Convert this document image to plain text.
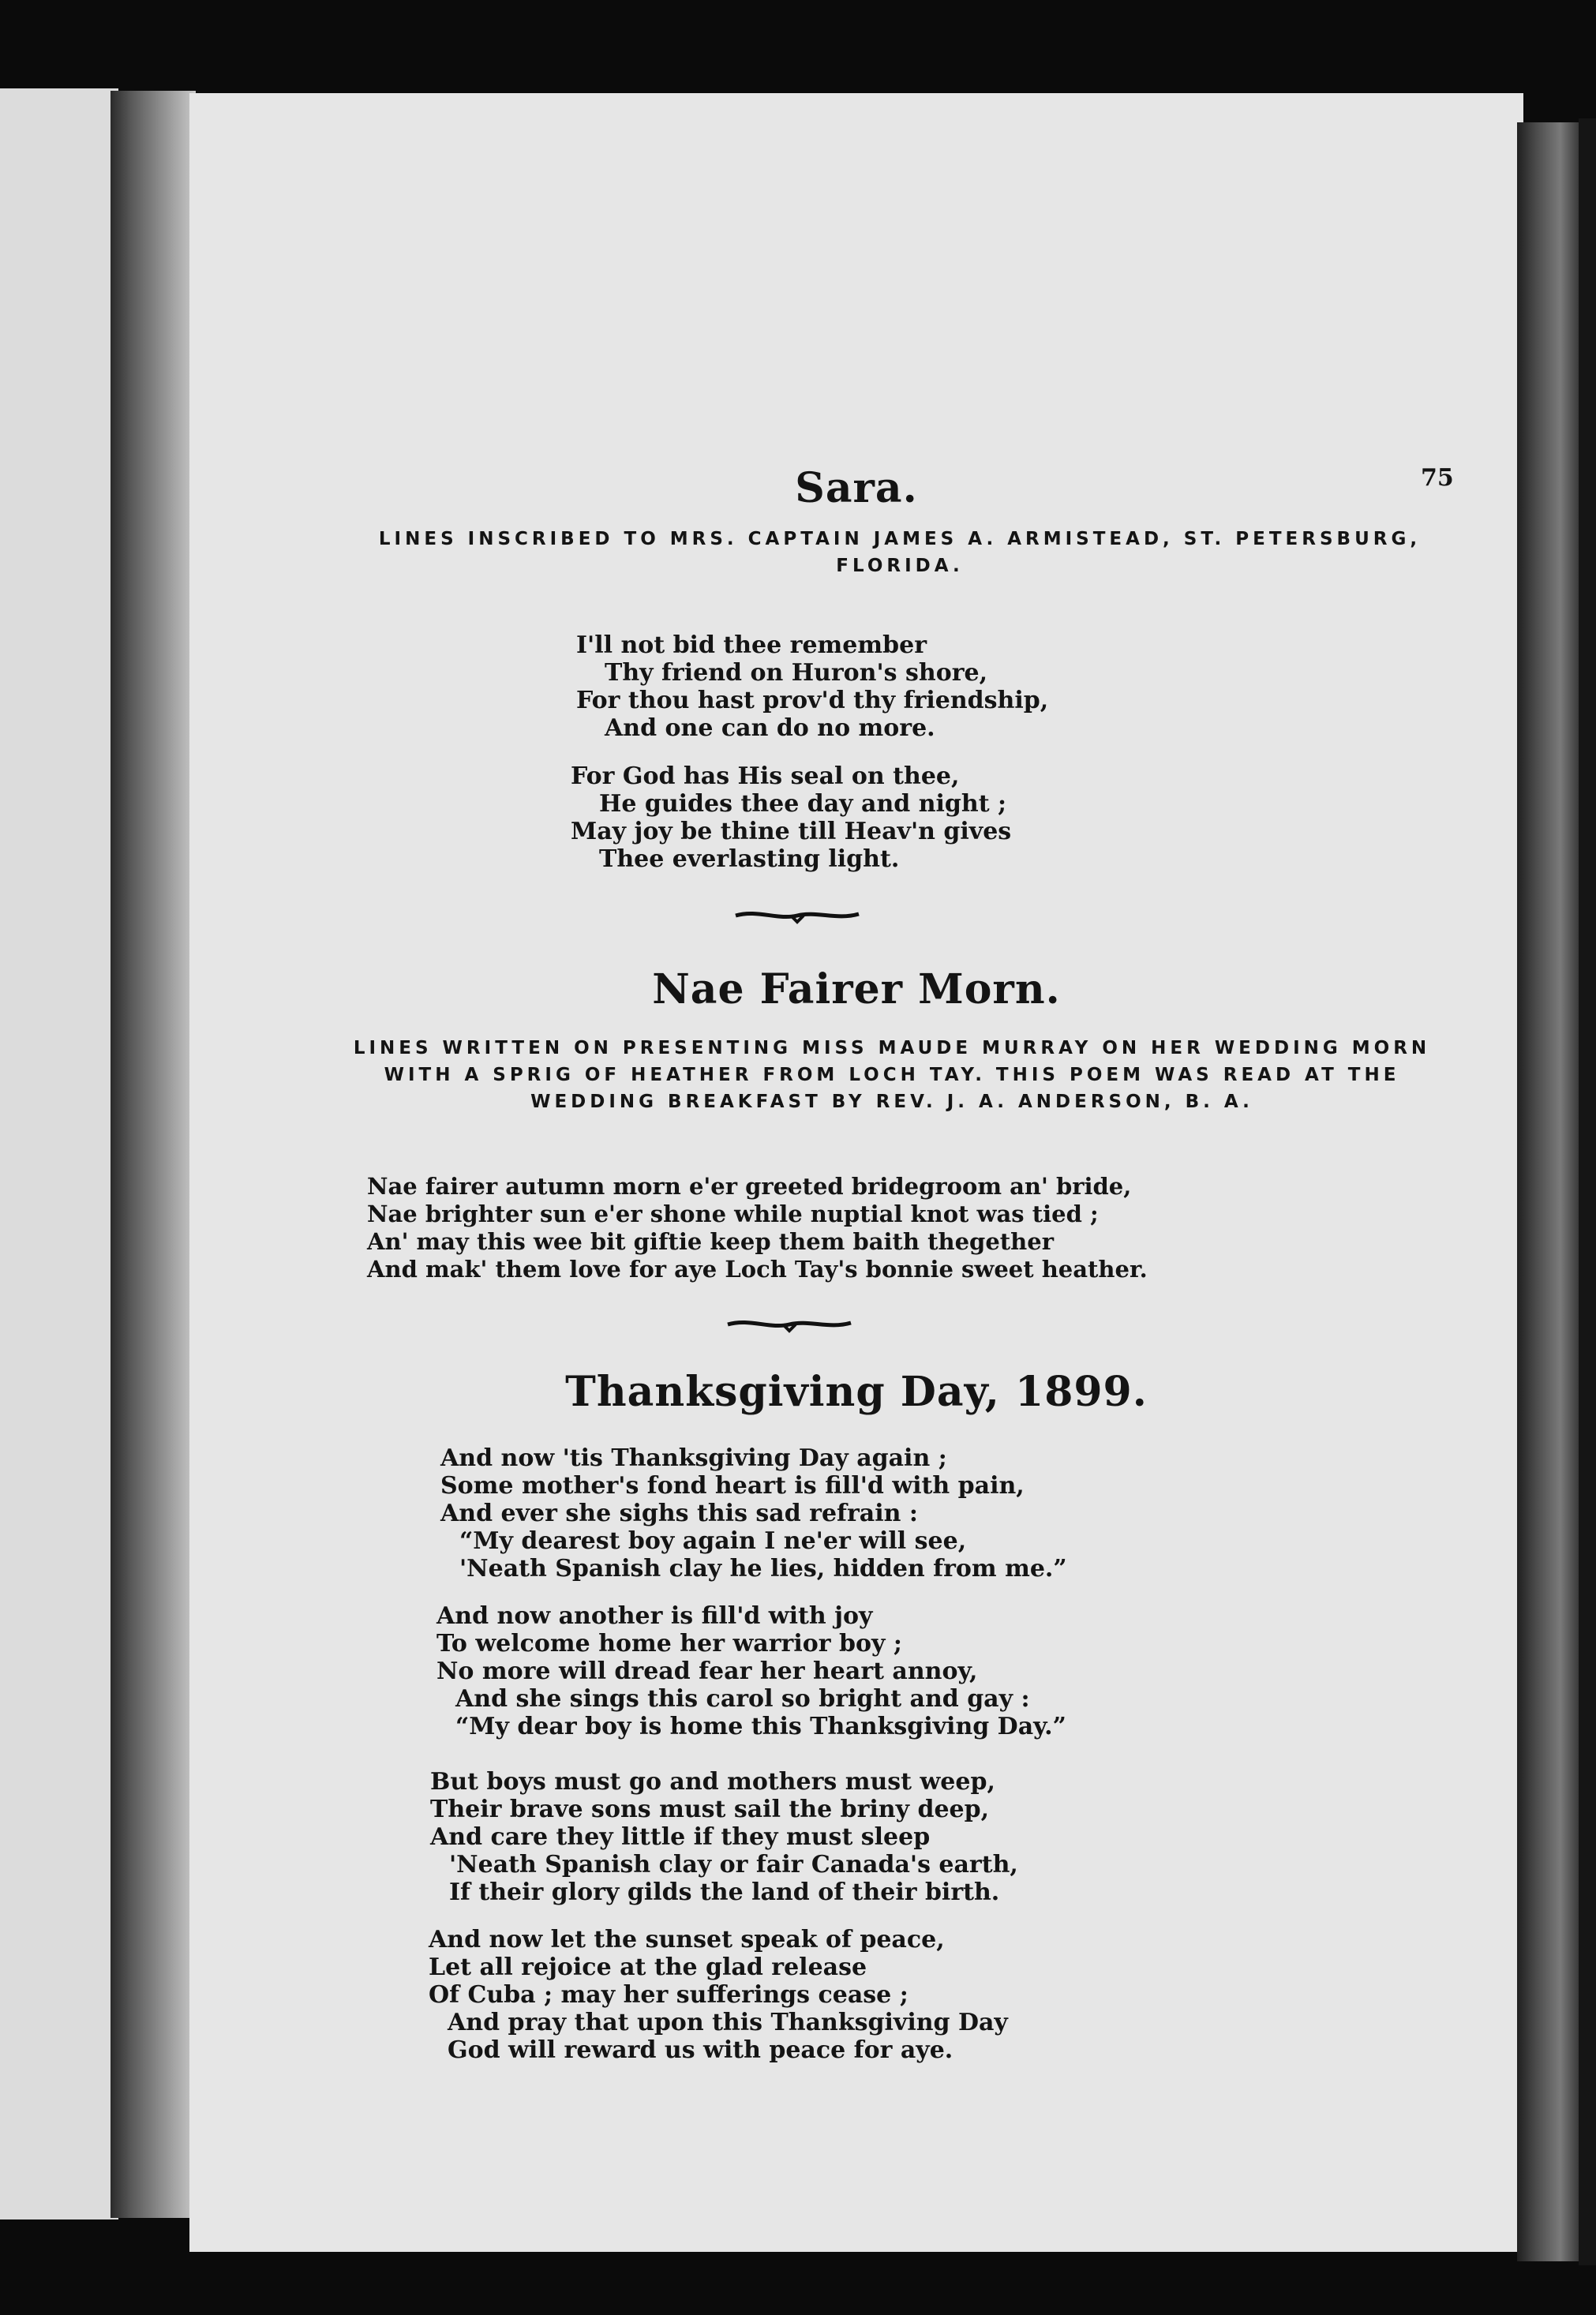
75
Sara.
LINES INSCRIBED TO MRS. CAPTAIN JAMES A. ARMISTEAD, ST. PETERSBURG, FLORIDA.
I'll not bid thee remember
Thy friend on Huron's shore,
For thou hast prov'd thy friendship,
And one can do no more.
For God has His seal on thee,
He guides thee day and night ;
May joy be thine till Heav'n gives
Thee everlasting light.
Nae Fairer Morn.
LINES WRITTEN ON PRESENTING MISS MAUDE MURRAY ON HER WEDDING MORN WITH A SPRIG OF HEATHER FROM LOCH TAY. THIS POEM WAS READ AT THE WEDDING BREAKFAST BY REV. J. A. ANDERSON, B. A.
Nae fairer autumn morn e'er greeted bridegroom an' bride,
Nae brighter sun e'er shone while nuptial knot was tied ;
An' may this wee bit giftie keep them baith thegether
And mak' them love for aye Loch Tay's bonnie sweet heather.
Thanksgiving Day, 1899.
And now 'tis Thanksgiving Day again ;
Some mother's fond heart is fill'd with pain,
And ever she sighs this sad refrain :
“My dearest boy again I ne'er will see,
'Neath Spanish clay he lies, hidden from me.”
And now another is fill'd with joy
To welcome home her warrior boy ;
No more will dread fear her heart annoy,
And she sings this carol so bright and gay :
“My dear boy is home this Thanksgiving Day.”
But boys must go and mothers must weep,
Their brave sons must sail the briny deep,
And care they little if they must sleep
'Neath Spanish clay or fair Canada's earth,
If their glory gilds the land of their birth.
And now let the sunset speak of peace,
Let all rejoice at the glad release
Of Cuba ; may her sufferings cease ;
And pray that upon this Thanksgiving Day
God will reward us with peace for aye.
